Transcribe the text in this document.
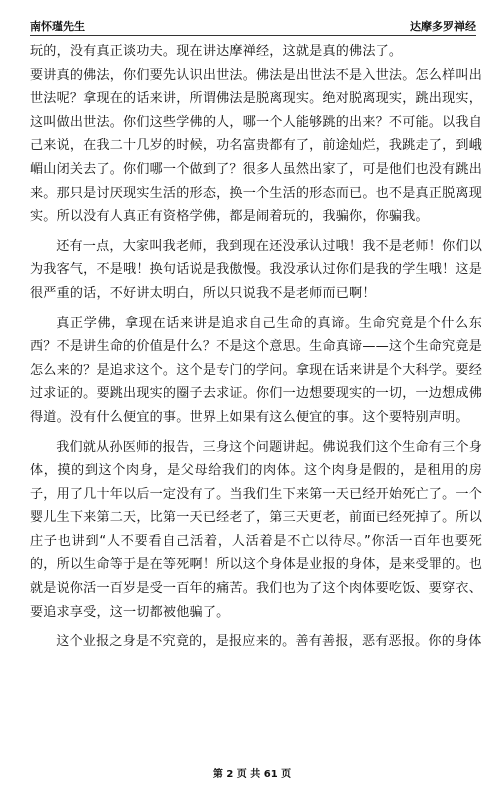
南怀瑾先生	达摩多罗禅经

玩的，没有真正谈功夫。现在讲达摩禅经，这就是真的佛法了。

要讲真的佛法，你们要先认识出世法。佛法是出世法不是入世法。怎么样叫出世法呢？拿现在的话来讲，所谓佛法是脱离现实。绝对脱离现实，跳出现实，这叫做出世法。你们这些学佛的人，哪一个人能够跳的出来？不可能。以我自己来说，在我二十几岁的时候，功名富贵都有了，前途灿烂，我跳走了，到峨嵋山闭关去了。你们哪一个做到了？很多人虽然出家了，可是他们也没有跳出来。那只是讨厌现实生活的形态，换一个生活的形态而已。也不是真正脱离现实。所以没有人真正有资格学佛，都是闹着玩的，我骗你，你骗我。

还有一点，大家叫我老师，我到现在还没承认过哦！我不是老师！你们以为我客气，不是哦！换句话说是我傲慢。我没承认过你们是我的学生哦！这是很严重的话，不好讲太明白，所以只说我不是老师而已啊！

真正学佛，拿现在话来讲是追求自己生命的真谛。生命究竟是个什么东西？不是讲生命的价值是什么？不是这个意思。生命真谛——这个生命究竟是怎么来的？是追求这个。这个是专门的学问。拿现在话来讲是个大科学。要经过求证的。要跳出现实的圈子去求证。你们一边想要现实的一切，一边想成佛得道。没有什么便宜的事。世界上如果有这么便宜的事。这个要特别声明。

我们就从孙医师的报告，三身这个问题讲起。佛说我们这个生命有三个身体，摸的到这个肉身，是父母给我们的肉体。这个肉身是假的，是租用的房子，用了几十年以后一定没有了。当我们生下来第一天已经开始死亡了。一个婴儿生下来第二天，比第一天已经老了，第三天更老，前面已经死掉了。所以庄子也讲到“人不要看自己活着，人活着是不亡以待尽。”你活一百年也要死的，所以生命等于是在等死啊！所以这个身体是业报的身体，是来受罪的。也就是说你活一百岁是受一百年的痛苦。我们也为了这个肉体要吃饭、要穿衣、要追求享受，这一切都被他骗了。

这个业报之身是不究竟的，是报应来的。善有善报，恶有恶报。你的身体

第 2 页 共 61 页
